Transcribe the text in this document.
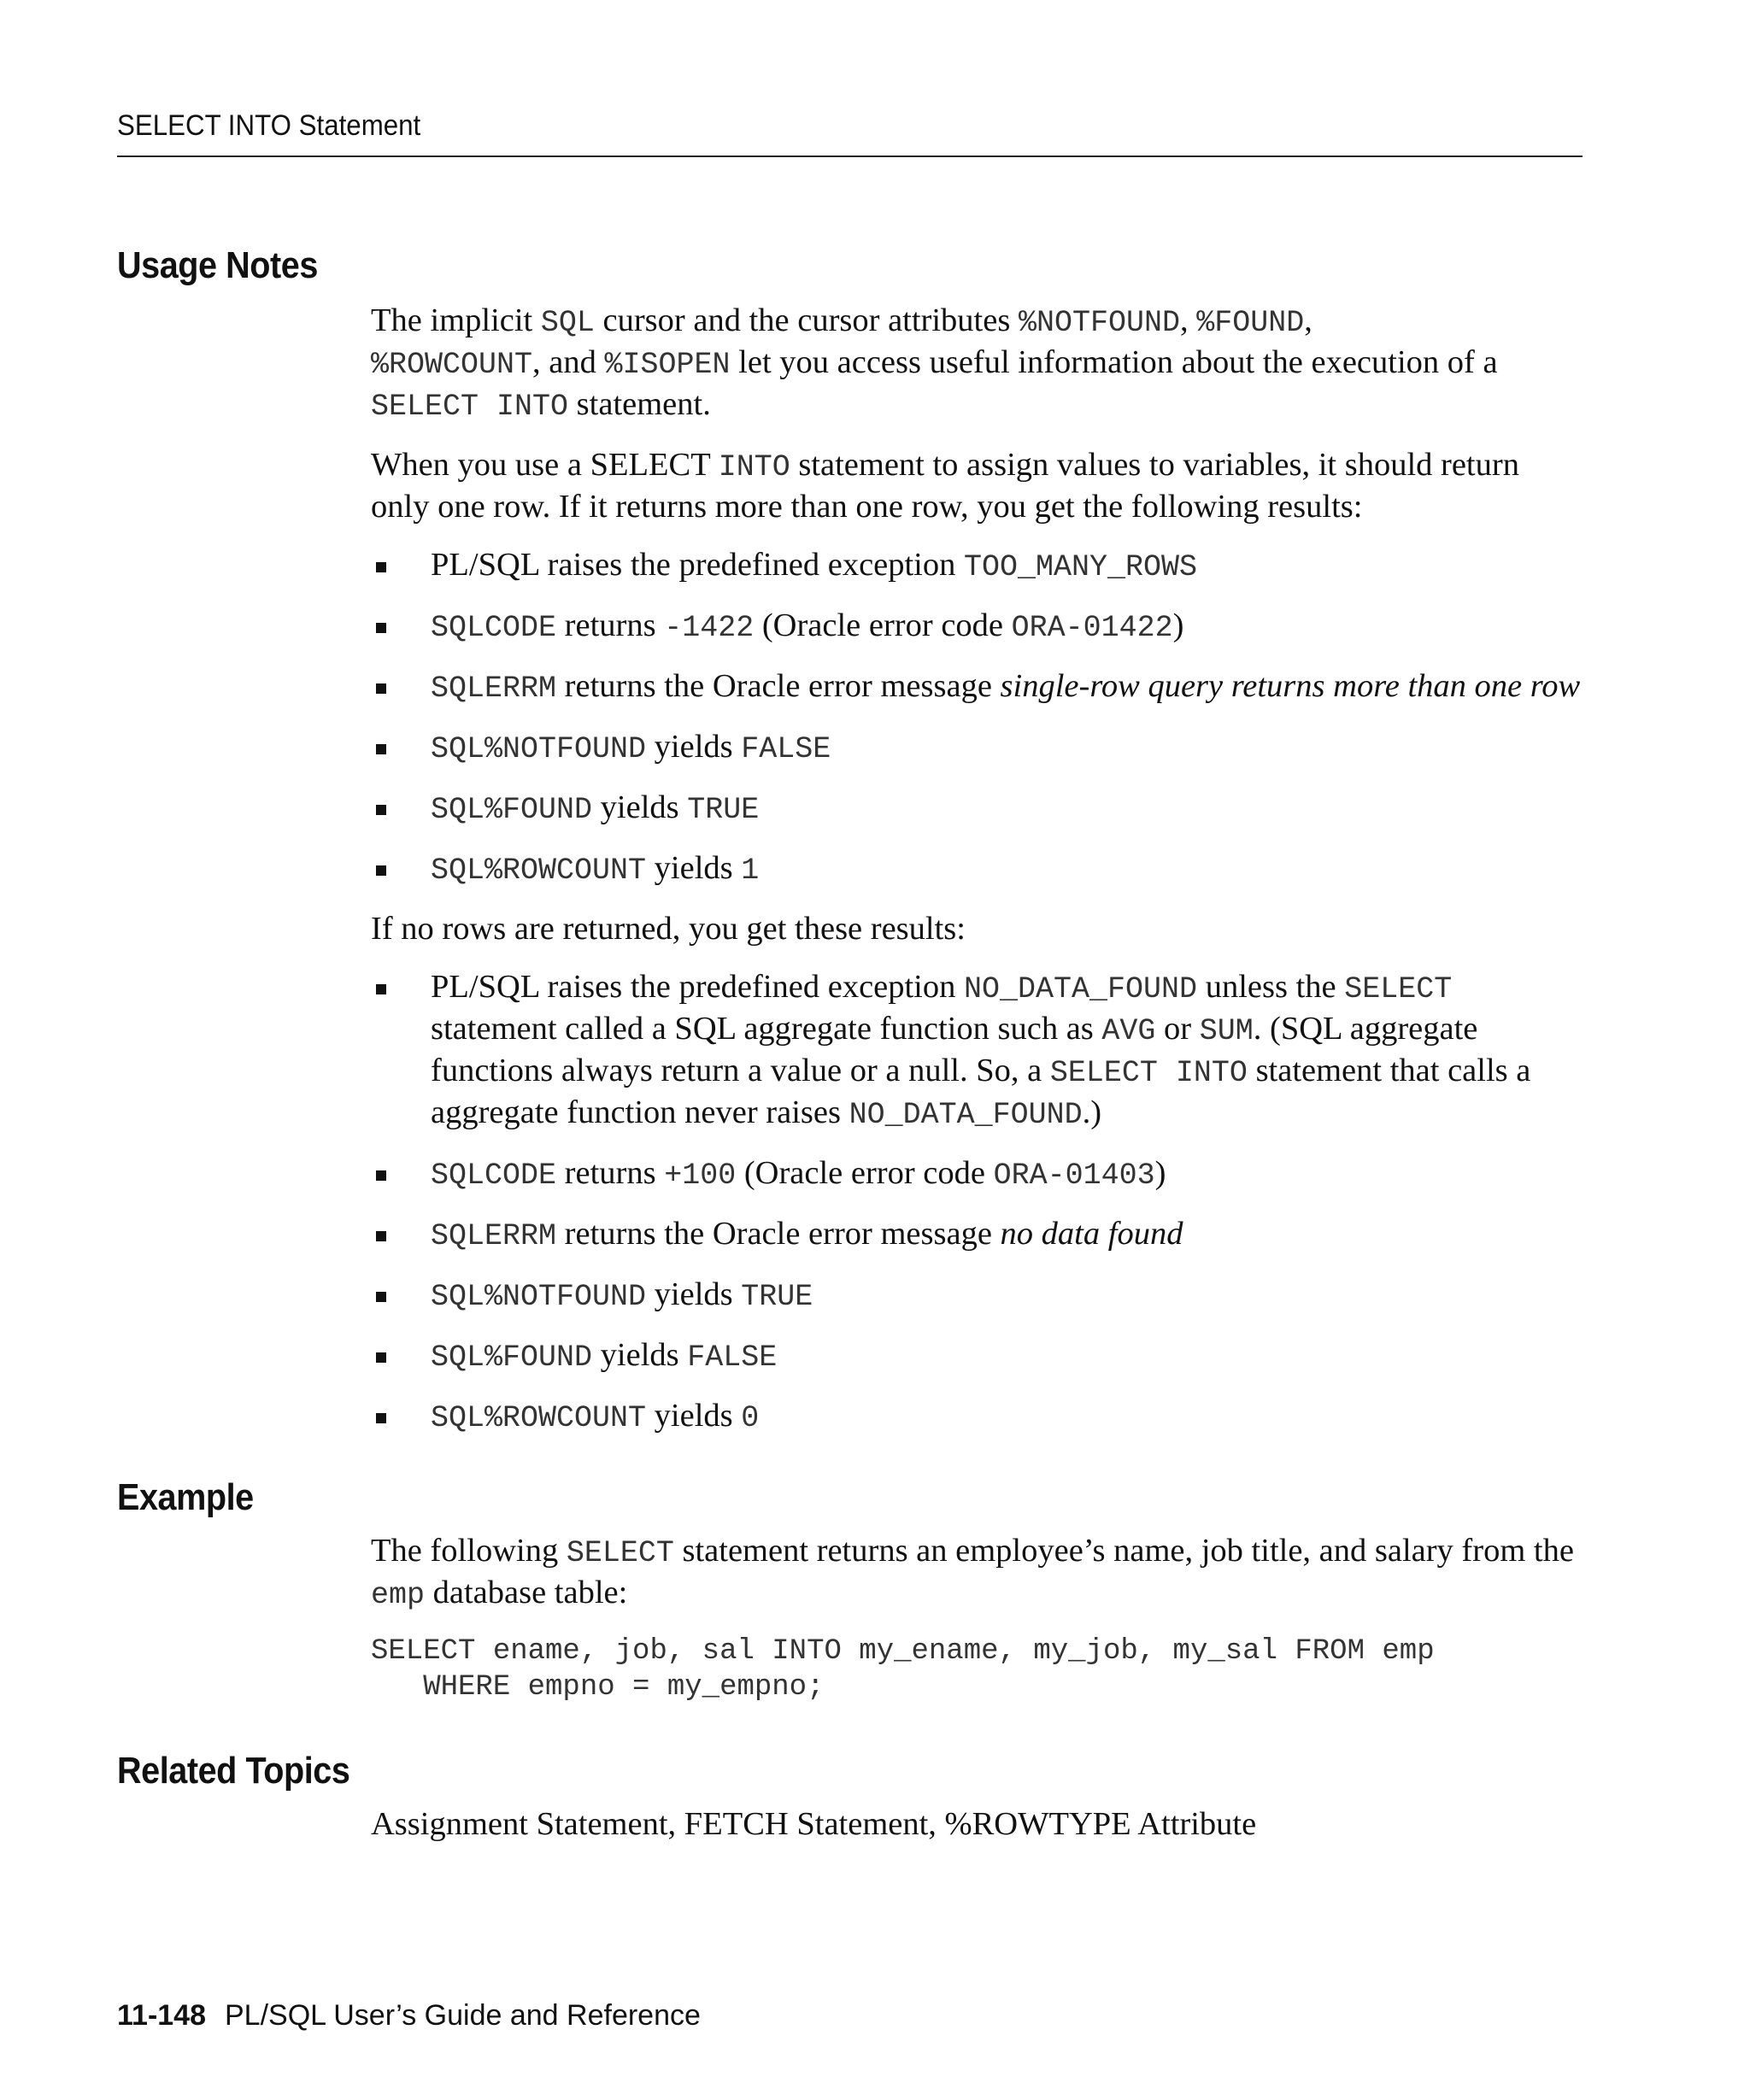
SELECT INTO Statement
Usage Notes

The implicit SQL cursor and the cursor attributes %NOTFOUND, %FOUND,
%ROWCOUNT, and %ISOPEN let you access useful information about the execution of a SELECT INTO statement.

When you use a SELECT INTO statement to assign values to variables, it should return only one row. If it returns more than one row, you get the following results:

PL/SQL raises the predefined exception TOO_MANY_ROWS
SQLCODE returns -1422 (Oracle error code ORA-01422)
SQLERRM returns the Oracle error message single-row query returns more than one row
SQL%NOTFOUND yields FALSE
SQL%FOUND yields TRUE
SQL%ROWCOUNT yields 1

If no rows are returned, you get these results:

PL/SQL raises the predefined exception NO_DATA_FOUND unless the SELECT statement called a SQL aggregate function such as AVG or SUM. (SQL aggregate functions always return a value or a null. So, a SELECT INTO statement that calls a aggregate function never raises NO_DATA_FOUND.)
SQLCODE returns +100 (Oracle error code ORA-01403)
SQLERRM returns the Oracle error message no data found
SQL%NOTFOUND yields TRUE
SQL%FOUND yields FALSE
SQL%ROWCOUNT yields 0
Example

The following SELECT statement returns an employee’s name, job title, and salary from the emp database table:

SELECT ename, job, sal INTO my_ename, my_job, my_sal FROM emp
WHERE empno = my_empno;
Related Topics

Assignment Statement, FETCH Statement, %ROWTYPE Attribute

11-148 PL/SQL User’s Guide and Reference
